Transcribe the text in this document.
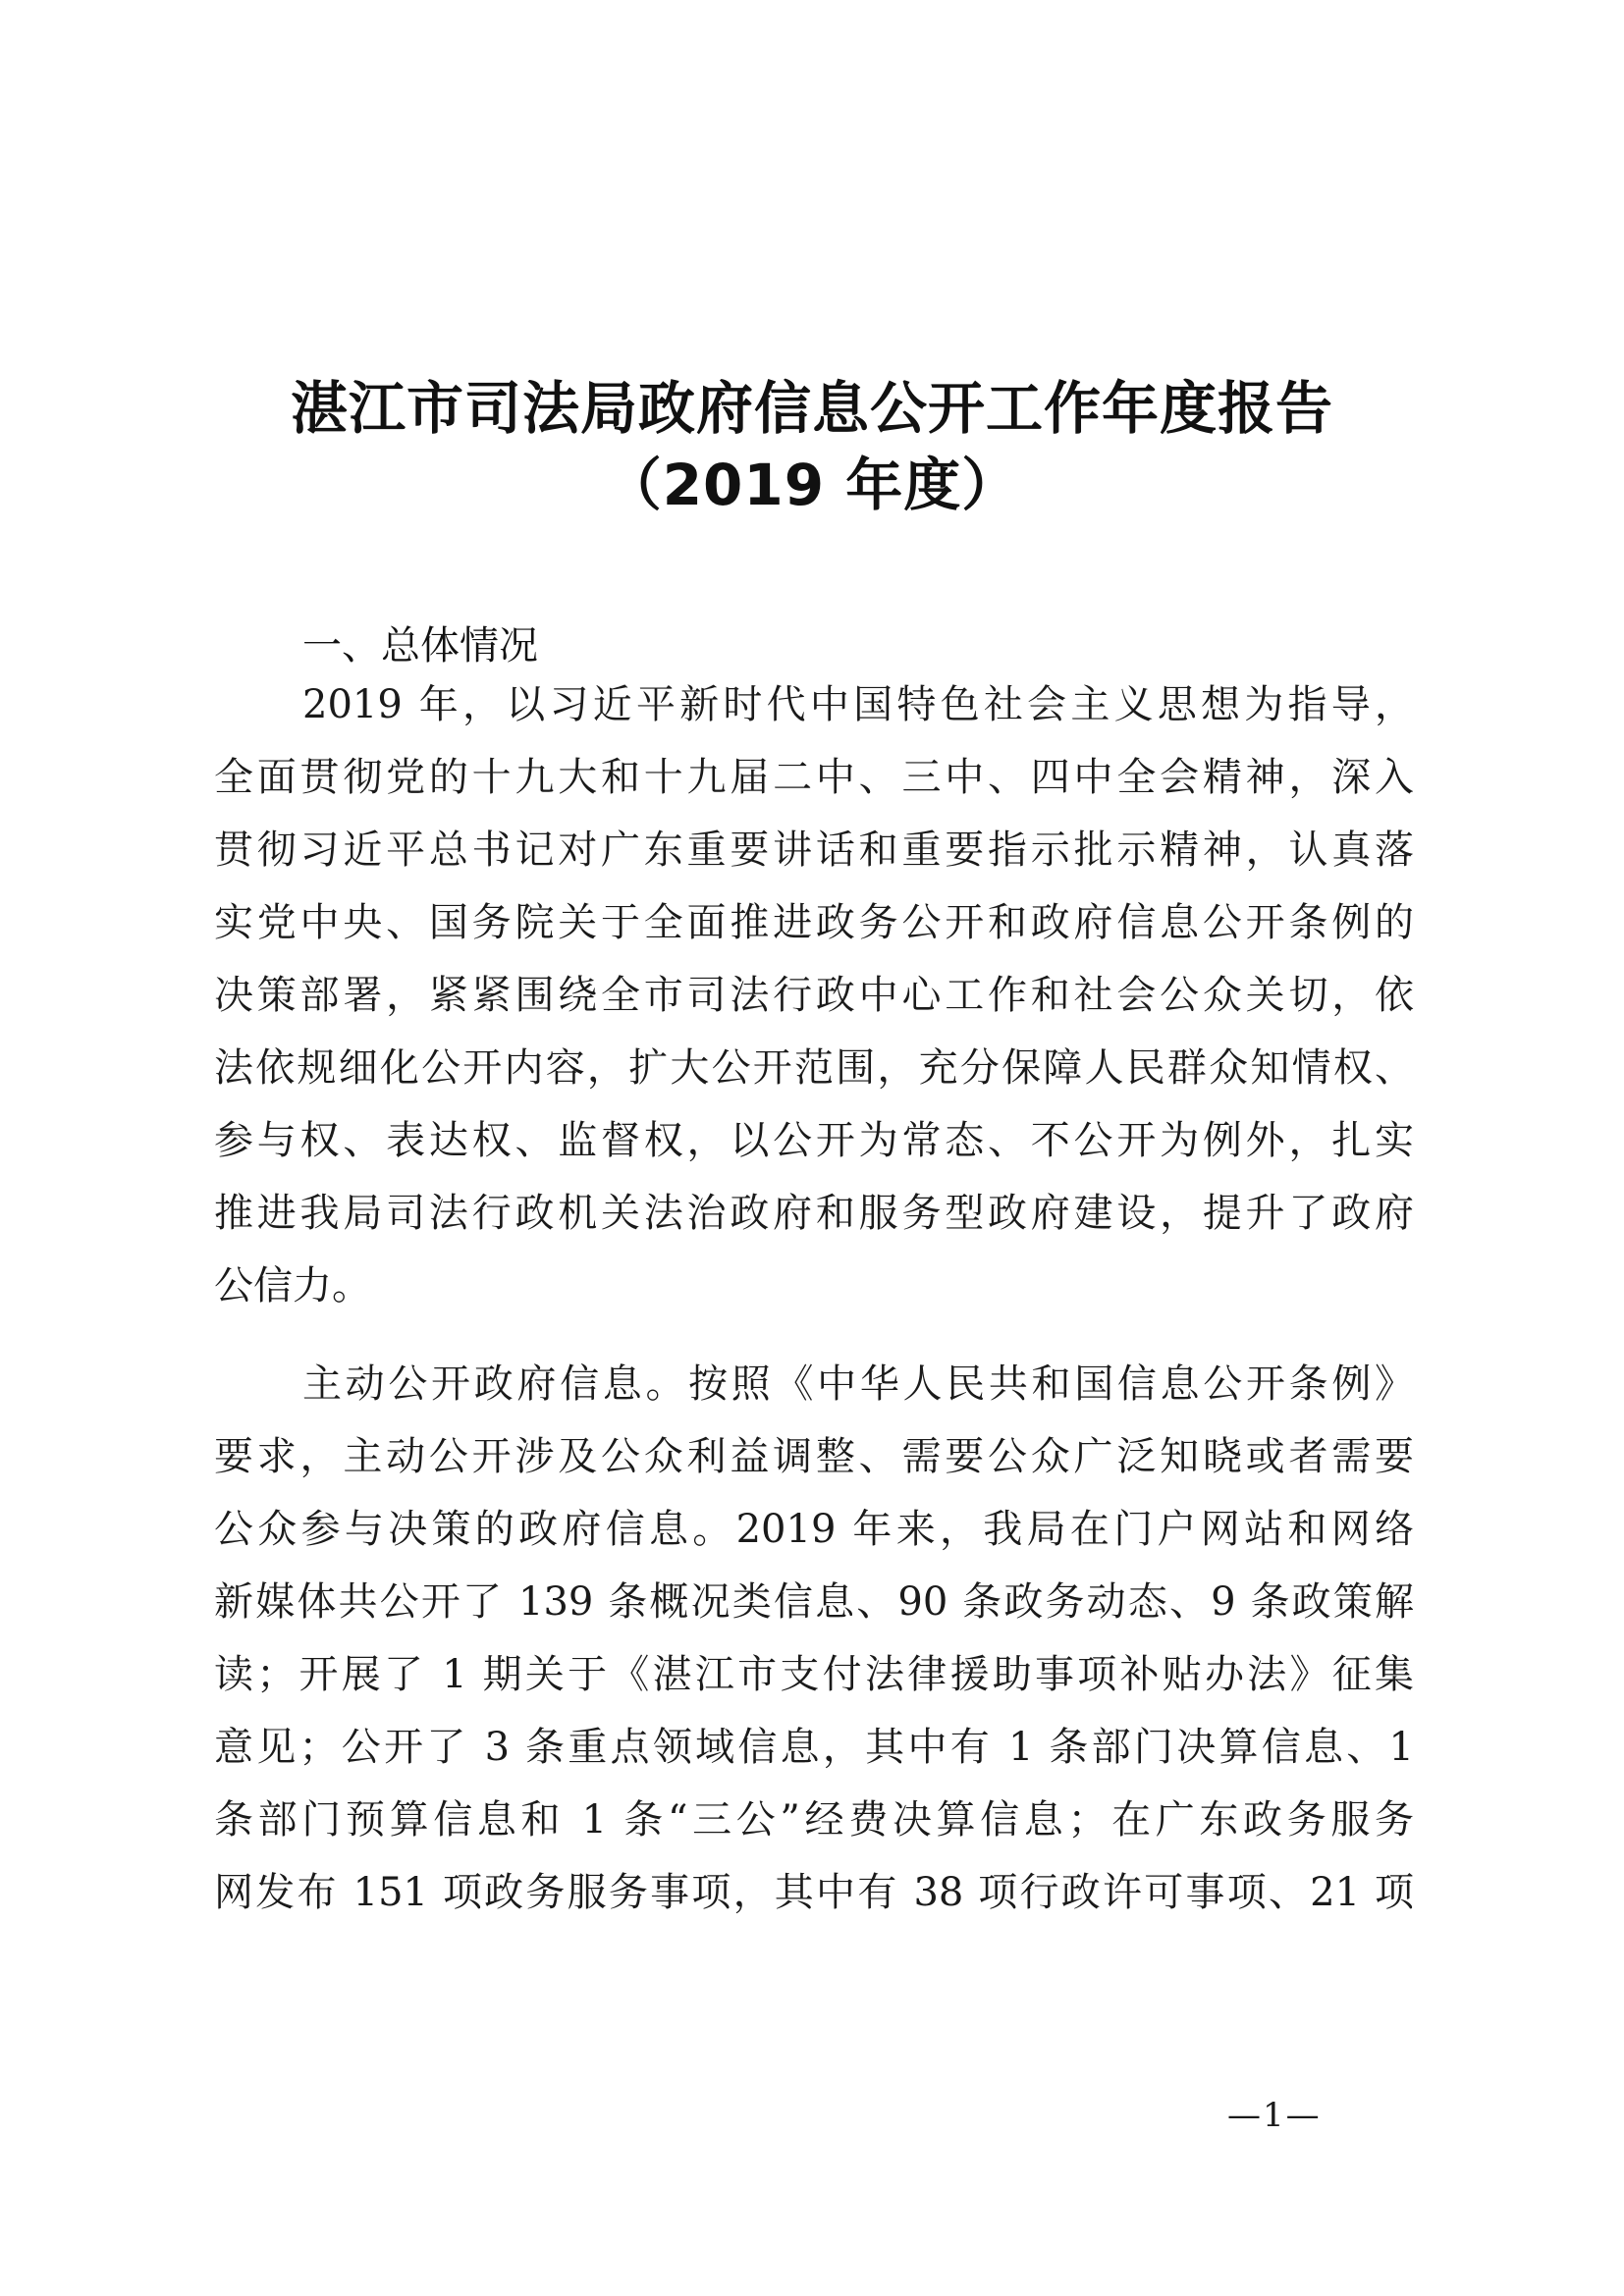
湛江市司法局政府信息公开工作年度报告
（2019 年度）
一、总体情况
2019 年，以习近平新时代中国特色社会主义思想为指导，
全面贯彻党的十九大和十九届二中、三中、四中全会精神，深入
贯彻习近平总书记对广东重要讲话和重要指示批示精神，认真落
实党中央、国务院关于全面推进政务公开和政府信息公开条例的
决策部署，紧紧围绕全市司法行政中心工作和社会公众关切，依
法依规细化公开内容，扩大公开范围，充分保障人民群众知情权、
参与权、表达权、监督权，以公开为常态、不公开为例外，扎实
推进我局司法行政机关法治政府和服务型政府建设，提升了政府
公信力。
主动公开政府信息。按照《中华人民共和国信息公开条例》
要求，主动公开涉及公众利益调整、需要公众广泛知晓或者需要
公众参与决策的政府信息。2019 年来，我局在门户网站和网络
新媒体共公开了 139 条概况类信息、90 条政务动态、9 条政策解
读；开展了 1 期关于《湛江市支付法律援助事项补贴办法》征集
意见；公开了 3 条重点领域信息，其中有 1 条部门决算信息、1
条部门预算信息和 1 条“三公”经费决算信息；在广东政务服务
网发布 151 项政务服务事项，其中有 38 项行政许可事项、21 项
—1—
